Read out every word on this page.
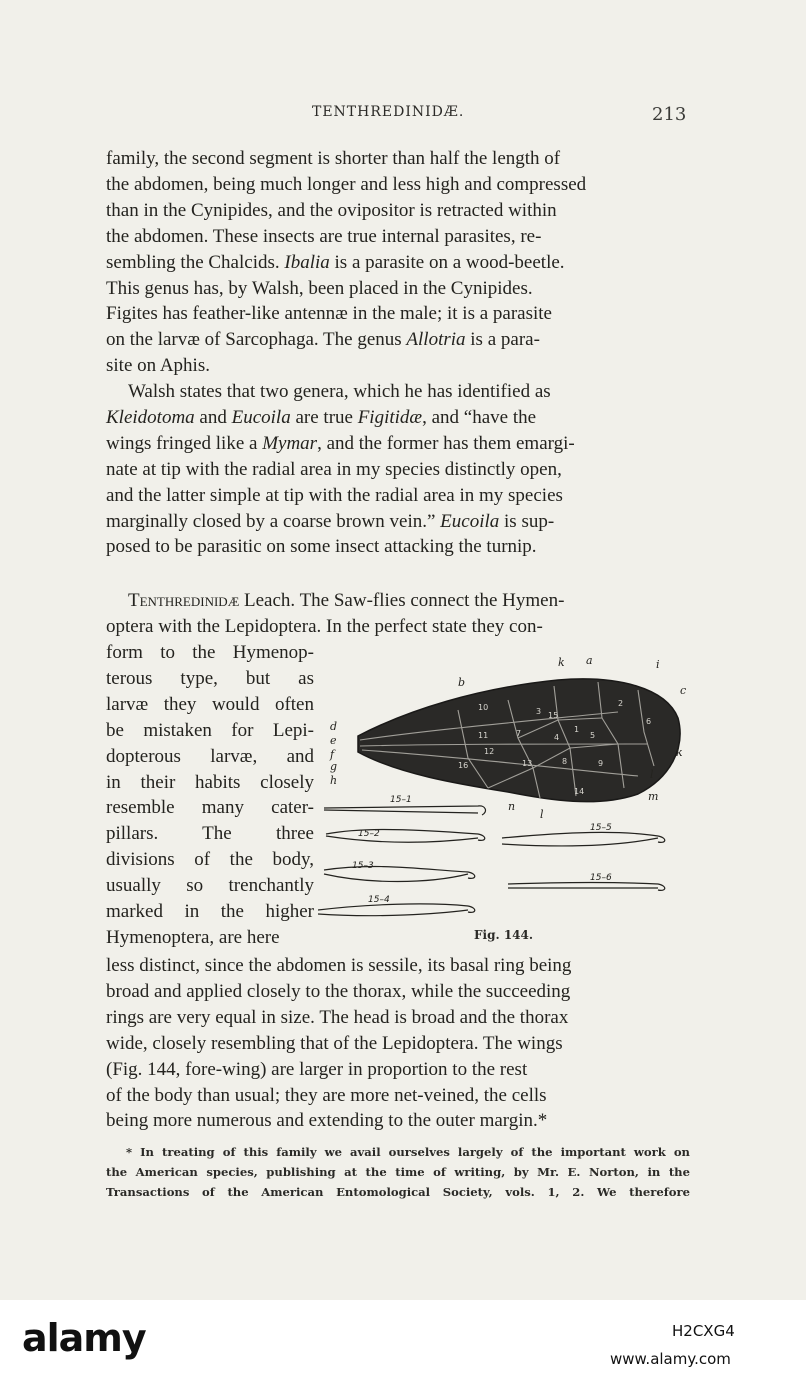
TENTHREDINIDÆ.	213
family, the second segment is shorter than half the length of
the abdomen, being much longer and less high and compressed
than in the Cynipides, and the ovipositor is retracted within
the abdomen. These insects are true internal parasites, re-
sembling the Chalcids. Ibalia is a parasite on a wood-beetle.
This genus has, by Walsh, been placed in the Cynipides.
Figites has feather-like antennæ in the male; it is a parasite
on the larvæ of Sarcophaga. The genus Allotria is a para-
site on Aphis.
Walsh states that two genera, which he has identified as
Kleidotoma and Eucoila are true Figitidæ, and “have the
wings fringed like a Mymar, and the former has them emargi-
nate at tip with the radial area in my species distinctly open,
and the latter simple at tip with the radial area in my species
marginally closed by a coarse brown vein.” Eucoila is sup-
posed to be parasitic on some insect attacking the turnip.
Tenthredinidæ Leach. The Saw-flies connect the Hymen-
optera with the Lepidoptera. In the perfect state they con-
form to the Hymenop-
terous type, but as
larvæ they would often
be mistaken for Lepi-
dopterous larvæ, and
in their habits closely
resemble many cater-
pillars. The three
divisions of the body,
usually so trenchantly
marked in the higher
Hymenoptera, are here
a
b
c
d
e
f
g
h
i
k
k
l
m
n
l
1
2
3
4	5
6
7
8	9
10
11
12
13
14
15
16
15–1
15–2
15–3
15–4
15–5
15–6
Fig. 144.
less distinct, since the abdomen is sessile, its basal ring being
broad and applied closely to the thorax, while the succeeding
rings are very equal in size. The head is broad and the thorax
wide, closely resembling that of the Lepidoptera. The wings
(Fig. 144, fore-wing) are larger in proportion to the rest
of the body than usual; they are more net-veined, the cells
being more numerous and extending to the outer margin.*
* In treating of this family we avail ourselves largely of the important work on
the American species, publishing at the time of writing, by Mr. E. Norton, in the
Transactions of the American Entomological Society, vols. 1, 2. We therefore
alamy	H2CXG4
www.alamy.com
